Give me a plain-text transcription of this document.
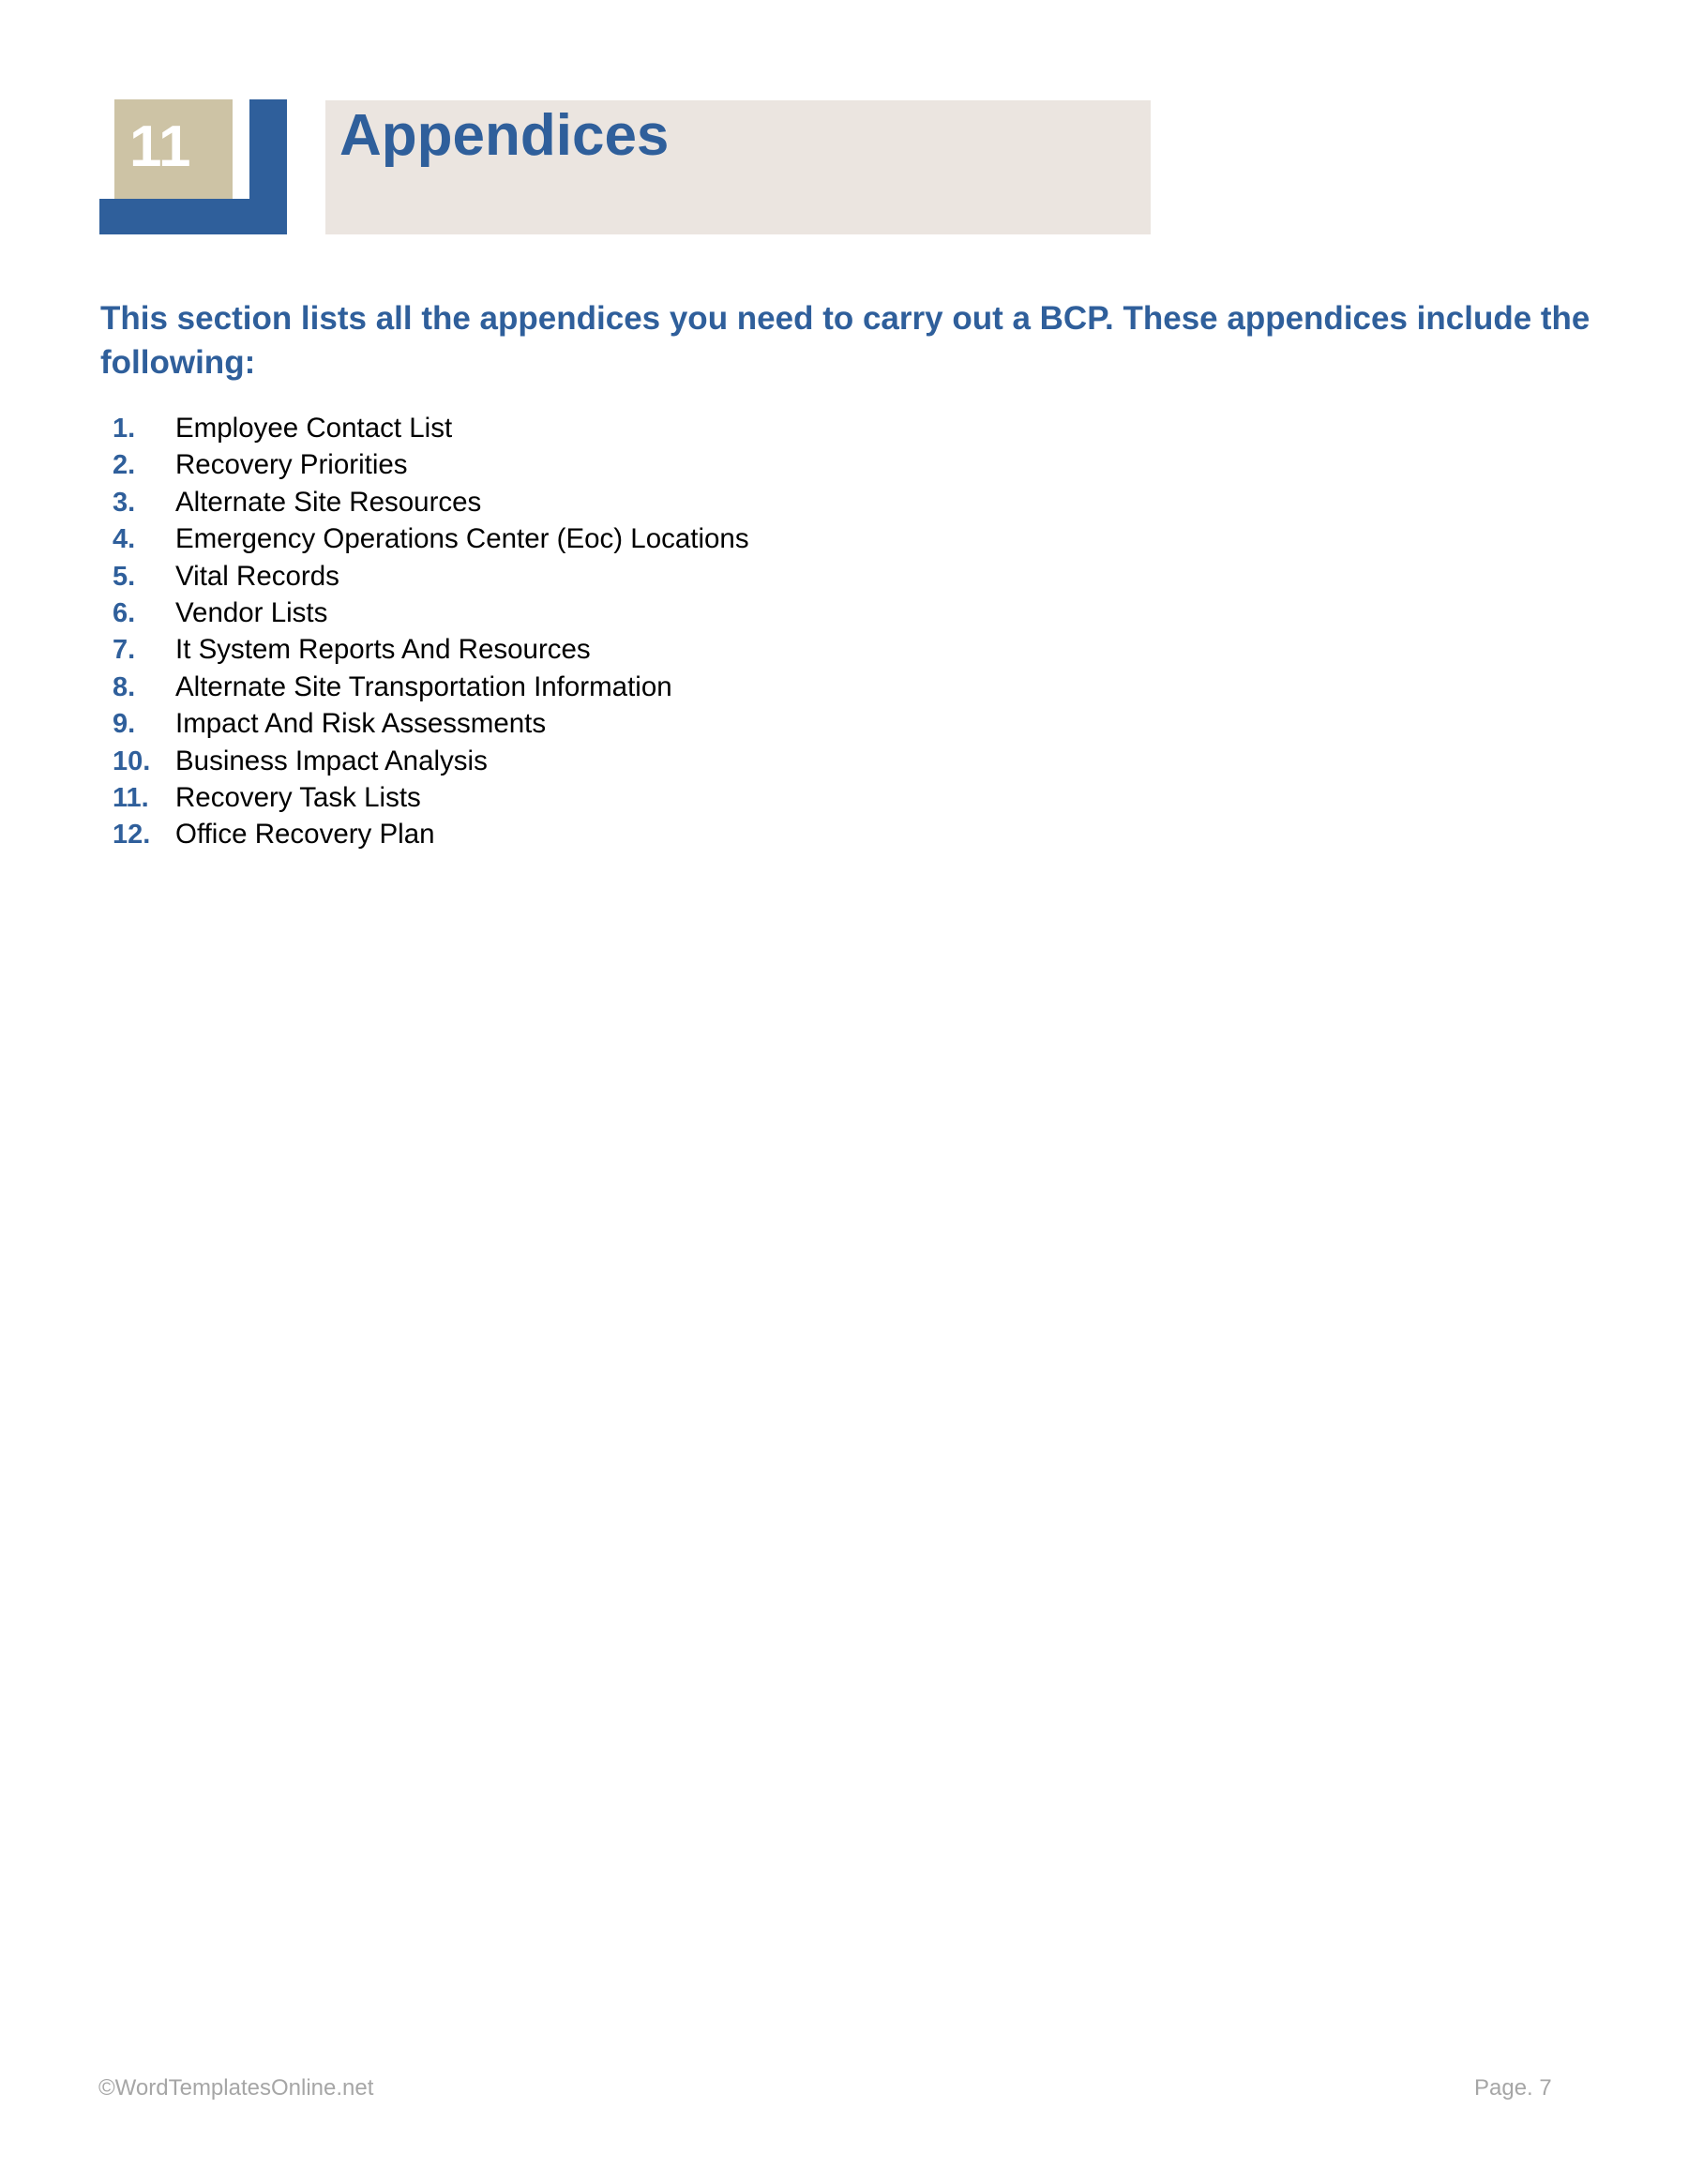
11	Appendices

This section lists all the appendices you need to carry out a BCP. These appendices include the following:

1. Employee Contact List
2. Recovery Priorities
3. Alternate Site Resources
4. Emergency Operations Center (Eoc) Locations
5. Vital Records
6. Vendor Lists
7. It System Reports And Resources
8. Alternate Site Transportation Information
9. Impact And Risk Assessments
10. Business Impact Analysis
11. Recovery Task Lists
12. Office Recovery Plan
©WordTemplatesOnline.net	Page. 7
